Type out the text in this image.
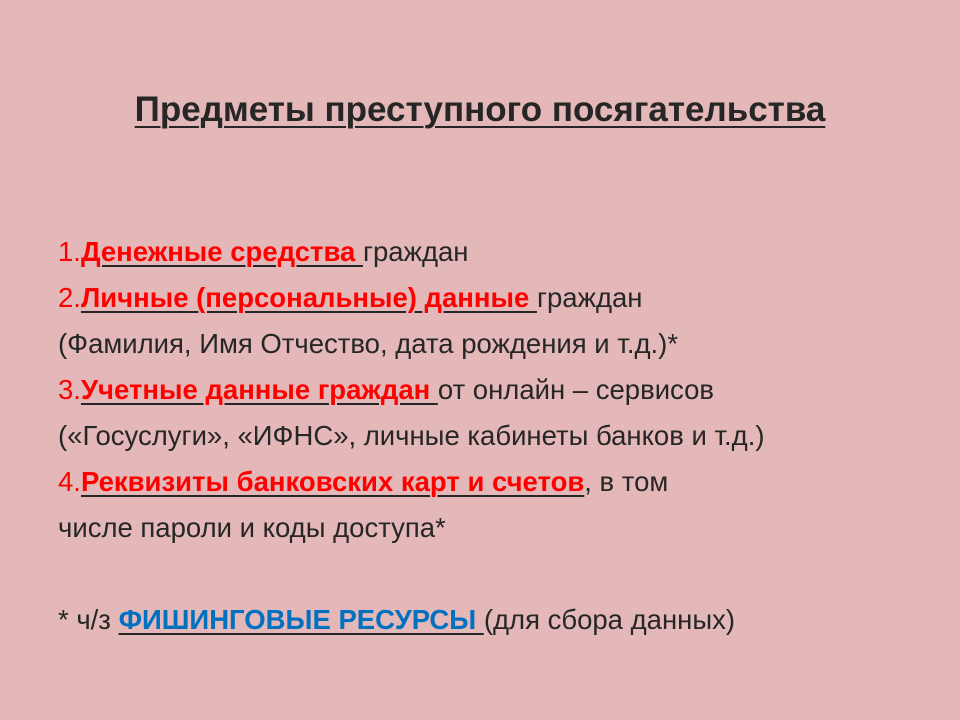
Предметы преступного посягательства
1.Денежные средства граждан
2.Личные (персональные) данные граждан
(Фамилия, Имя Отчество, дата рождения и т.д.)*
3.Учетные данные граждан от онлайн – сервисов
(«Госуслуги», «ИФНС», личные кабинеты банков и т.д.)
4.Реквизиты банковских карт и счетов, в том
числе пароли и коды доступа*
* ч/з ФИШИНГОВЫЕ РЕСУРСЫ (для сбора данных)
